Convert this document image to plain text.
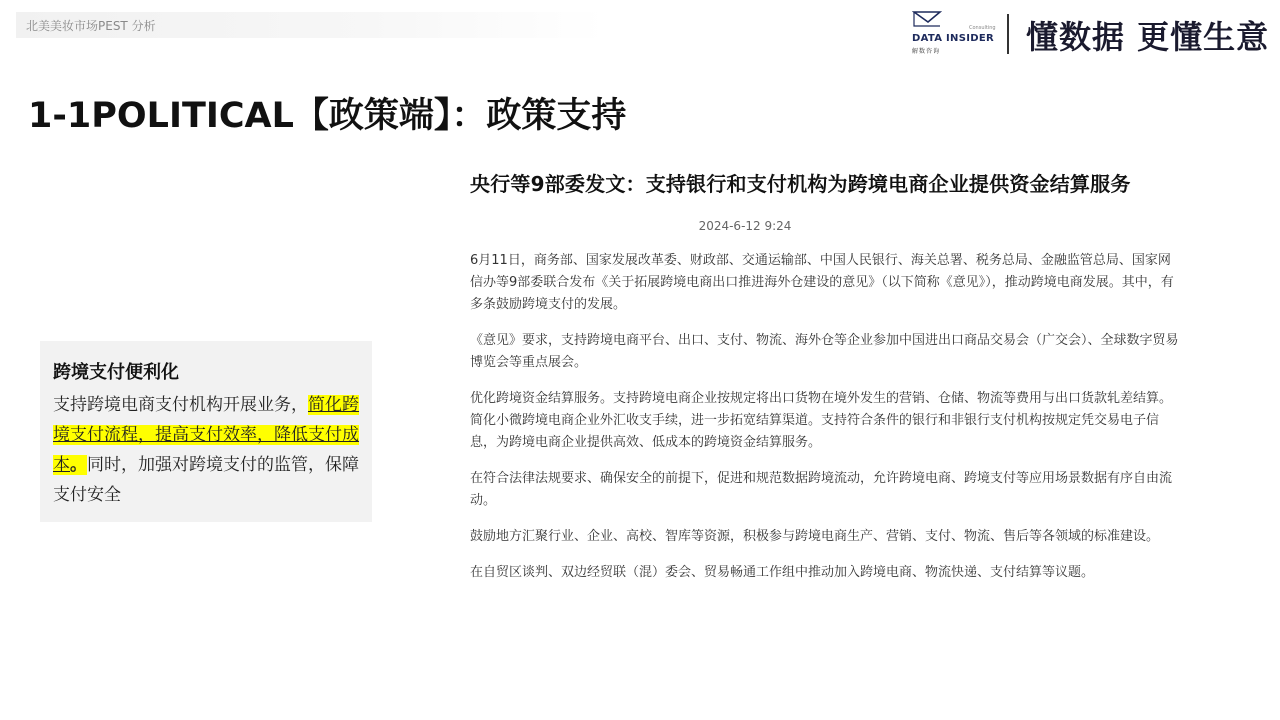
北美美妆市场PEST 分析	Consulting
DATA INSIDER
解数咨询	懂数据 更懂生意
1-1POLITICAL【政策端】：政策支持
跨境支付便利化
支持跨境电商支付机构开展业务，简化跨境支付流程，提高支付效率，降低支付成本。同时，加强对跨境支付的监管，保障支付安全
央行等9部委发文：支持银行和支付机构为跨境电商企业提供资金结算服务
2024-6-12 9:24

6月11日，商务部、国家发展改革委、财政部、交通运输部、中国人民银行、海关总署、税务总局、金融监管总局、国家网信办等9部委联合发布《关于拓展跨境电商出口推进海外仓建设的意见》（以下简称《意见》），推动跨境电商发展。其中，有多条鼓励跨境支付的发展。

《意见》要求，支持跨境电商平台、出口、支付、物流、海外仓等企业参加中国进出口商品交易会（广交会）、全球数字贸易博览会等重点展会。

优化跨境资金结算服务。支持跨境电商企业按规定将出口货物在境外发生的营销、仓储、物流等费用与出口货款轧差结算。简化小微跨境电商企业外汇收支手续，进一步拓宽结算渠道。支持符合条件的银行和非银行支付机构按规定凭交易电子信息，为跨境电商企业提供高效、低成本的跨境资金结算服务。

在符合法律法规要求、确保安全的前提下，促进和规范数据跨境流动，允许跨境电商、跨境支付等应用场景数据有序自由流动。

鼓励地方汇聚行业、企业、高校、智库等资源，积极参与跨境电商生产、营销、支付、物流、售后等各领域的标准建设。

在自贸区谈判、双边经贸联（混）委会、贸易畅通工作组中推动加入跨境电商、物流快递、支付结算等议题。
